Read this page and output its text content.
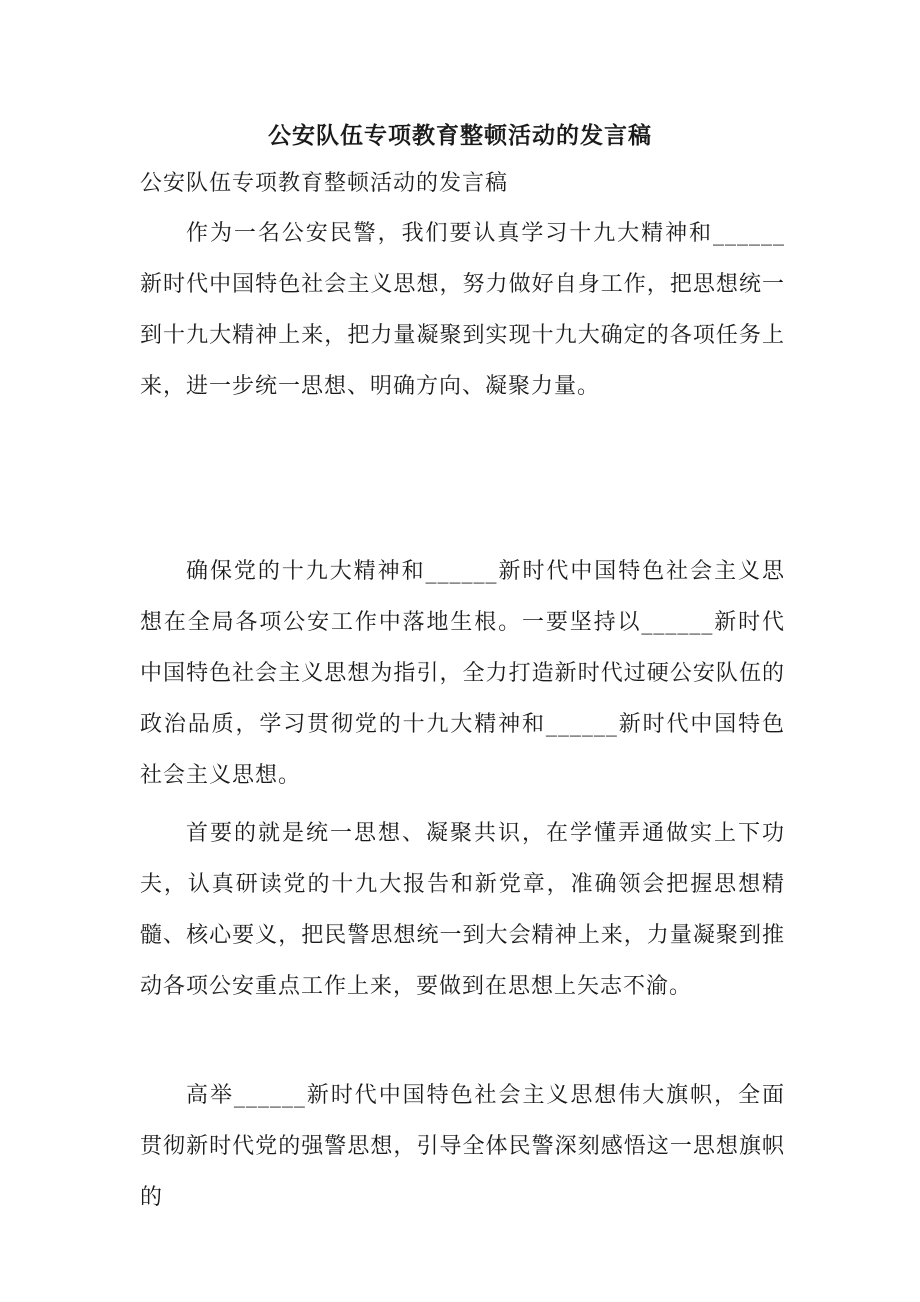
公安队伍专项教育整顿活动的发言稿

公安队伍专项教育整顿活动的发言稿

作为一名公安民警，我们要认真学习十九大精神和______新时代中国特色社会主义思想，努力做好自身工作，把思想统一到十九大精神上来，把力量凝聚到实现十九大确定的各项任务上来，进一步统一思想、明确方向、凝聚力量。

确保党的十九大精神和______新时代中国特色社会主义思想在全局各项公安工作中落地生根。一要坚持以______新时代中国特色社会主义思想为指引，全力打造新时代过硬公安队伍的政治品质，学习贯彻党的十九大精神和______新时代中国特色社会主义思想。

首要的就是统一思想、凝聚共识，在学懂弄通做实上下功夫，认真研读党的十九大报告和新党章，准确领会把握思想精髓、核心要义，把民警思想统一到大会精神上来，力量凝聚到推动各项公安重点工作上来，要做到在思想上矢志不渝。

高举______新时代中国特色社会主义思想伟大旗帜，全面贯彻新时代党的强警思想，引导全体民警深刻感悟这一思想旗帜的
